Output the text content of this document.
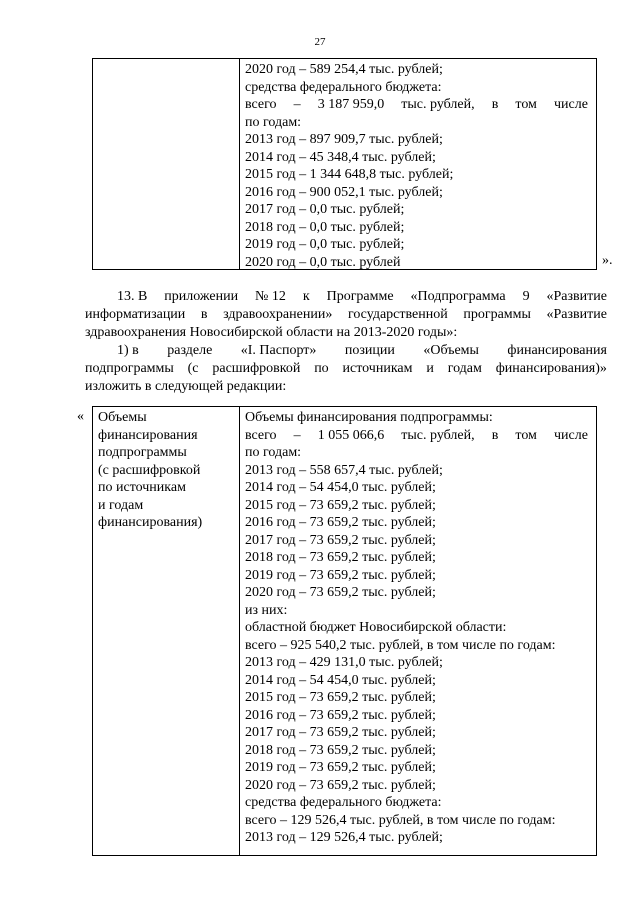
27
2020 год – 589 254,4 тыс. рублей;
средства федерального бюджета:
всего – 3 187 959,0 тыс. рублей, в том числе
по годам:
2013 год – 897 909,7 тыс. рублей;
2014 год – 45 348,4 тыс. рублей;
2015 год – 1 344 648,8 тыс. рублей;
2016 год – 900 052,1 тыс. рублей;
2017 год – 0,0 тыс. рублей;
2018 год – 0,0 тыс. рублей;
2019 год – 0,0 тыс. рублей;
2020 год – 0,0 тыс. рублей	».
13. В приложении № 12 к Программе «Подпрограмма 9 «Развитие
информатизации в здравоохранении» государственной программы «Развитие
здравоохранения Новосибирской области на 2013-2020 годы»:
1) в разделе «I. Паспорт» позиции «Объемы финансирования
подпрограммы (с расшифровкой по источникам и годам финансирования)»
изложить в следующей редакции:
« Объемы
финансирования
подпрограммы
(с расшифровкой
по источникам
и годам
финансирования)
Объемы финансирования подпрограммы:
всего – 1 055 066,6 тыс. рублей, в том числе
по годам:
2013 год – 558 657,4 тыс. рублей;
2014 год – 54 454,0 тыс. рублей;
2015 год – 73 659,2 тыс. рублей;
2016 год – 73 659,2 тыс. рублей;
2017 год – 73 659,2 тыс. рублей;
2018 год – 73 659,2 тыс. рублей;
2019 год – 73 659,2 тыс. рублей;
2020 год – 73 659,2 тыс. рублей;
из них:
областной бюджет Новосибирской области:
всего – 925 540,2 тыс. рублей, в том числе по годам:
2013 год – 429 131,0 тыс. рублей;
2014 год – 54 454,0 тыс. рублей;
2015 год – 73 659,2 тыс. рублей;
2016 год – 73 659,2 тыс. рублей;
2017 год – 73 659,2 тыс. рублей;
2018 год – 73 659,2 тыс. рублей;
2019 год – 73 659,2 тыс. рублей;
2020 год – 73 659,2 тыс. рублей;
средства федерального бюджета:
всего – 129 526,4 тыс. рублей, в том числе по годам:
2013 год – 129 526,4 тыс. рублей;
